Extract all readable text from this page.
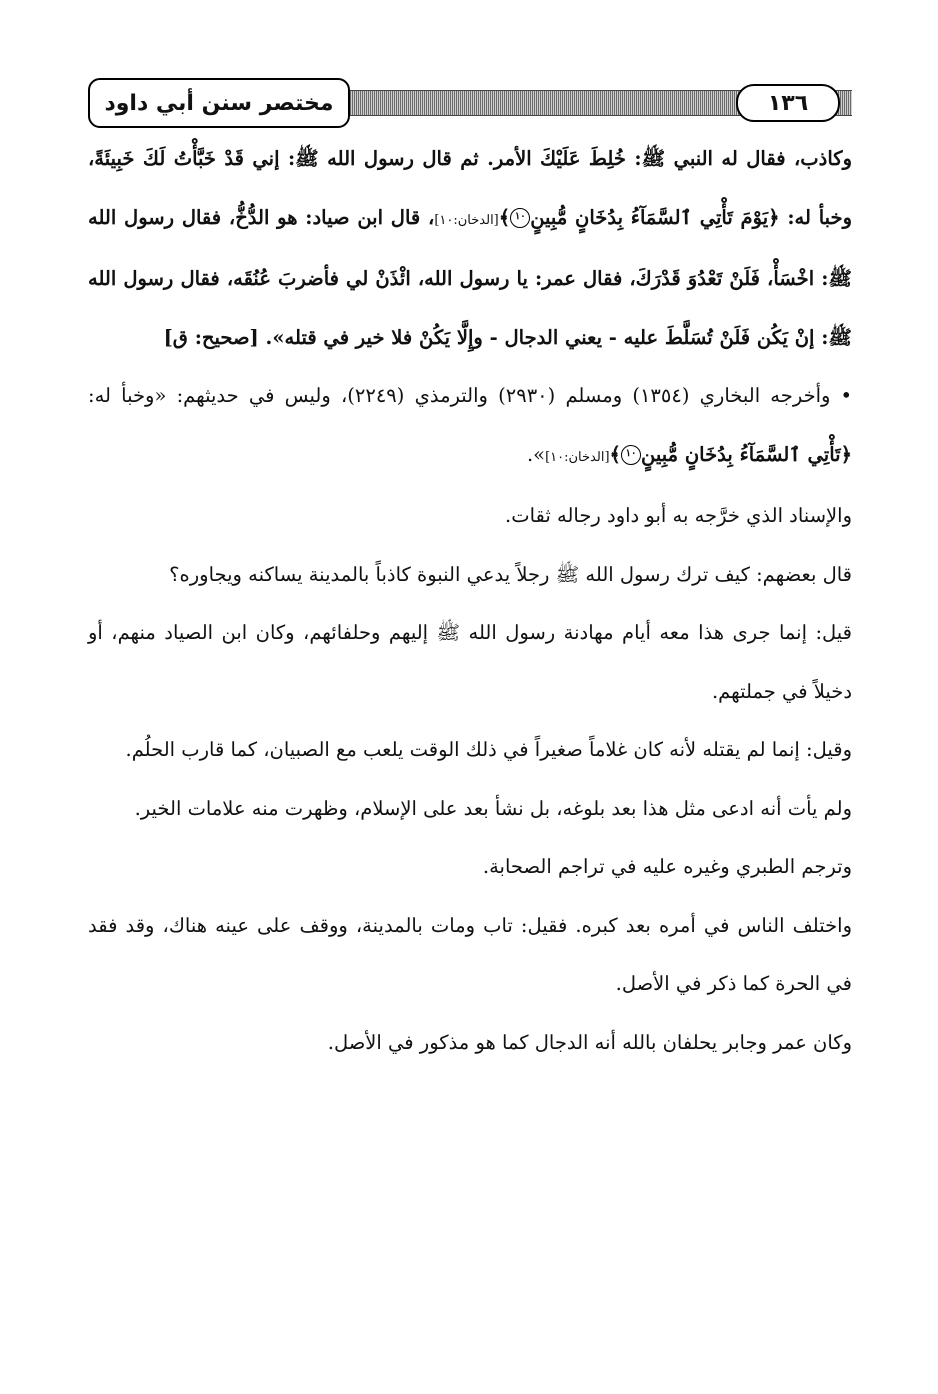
مختصر سنن أبي داود	١٣٦

وكاذب، فقال له النبي ﷺ: خُلِطَ عَلَيْكَ الأمر. ثم قال رسول الله ﷺ: إني قَدْ خَبَّأْتُ لَكَ خَبِيئَةً، وخبأ له: ﴿يَوْمَ تَأْتِي ٱلسَّمَآءُ بِدُخَانٍ مُّبِينٍ١٠﴾[الدخان:١٠]، قال ابن صياد: هو الدُّخُّ، فقال رسول الله ﷺ: اخْسَأْ، فَلَنْ تَعْدُوَ قَدْرَكَ، فقال عمر: يا رسول الله، ائْذَنْ لي فأضربَ عُنُقَه، فقال رسول الله ﷺ: إنْ يَكُن فَلَنْ تُسَلَّطَ عليه - يعني الدجال - وإِلَّا يَكُنْ فلا خير في قتله». [صحيح: ق]

•وأخرجه البخاري (١٣٥٤) ومسلم (٢٩٣٠) والترمذي (٢٢٤٩)، وليس في حديثهم: «وخبأ له: ﴿تَأْتِي ٱلسَّمَآءُ بِدُخَانٍ مُّبِينٍ١٠﴾[الدخان:١٠]».

والإسناد الذي خرَّجه به أبو داود رجاله ثقات.

قال بعضهم: كيف ترك رسول الله ﷺ رجلاً يدعي النبوة كاذباً بالمدينة يساكنه ويجاوره؟

قيل: إنما جرى هذا معه أيام مهادنة رسول الله ﷺ إليهم وحلفائهم، وكان ابن الصياد منهم، أو دخيلاً في جملتهم.

وقيل: إنما لم يقتله لأنه كان غلاماً صغيراً في ذلك الوقت يلعب مع الصبيان، كما قارب الحلُم.

ولم يأت أنه ادعى مثل هذا بعد بلوغه، بل نشأ بعد على الإسلام، وظهرت منه علامات الخير.

وترجم الطبري وغيره عليه في تراجم الصحابة.

واختلف الناس في أمره بعد كبره. فقيل: تاب ومات بالمدينة، ووقف على عينه هناك، وقد فقد في الحرة كما ذكر في الأصل.

وكان عمر وجابر يحلفان بالله أنه الدجال كما هو مذكور في الأصل.
